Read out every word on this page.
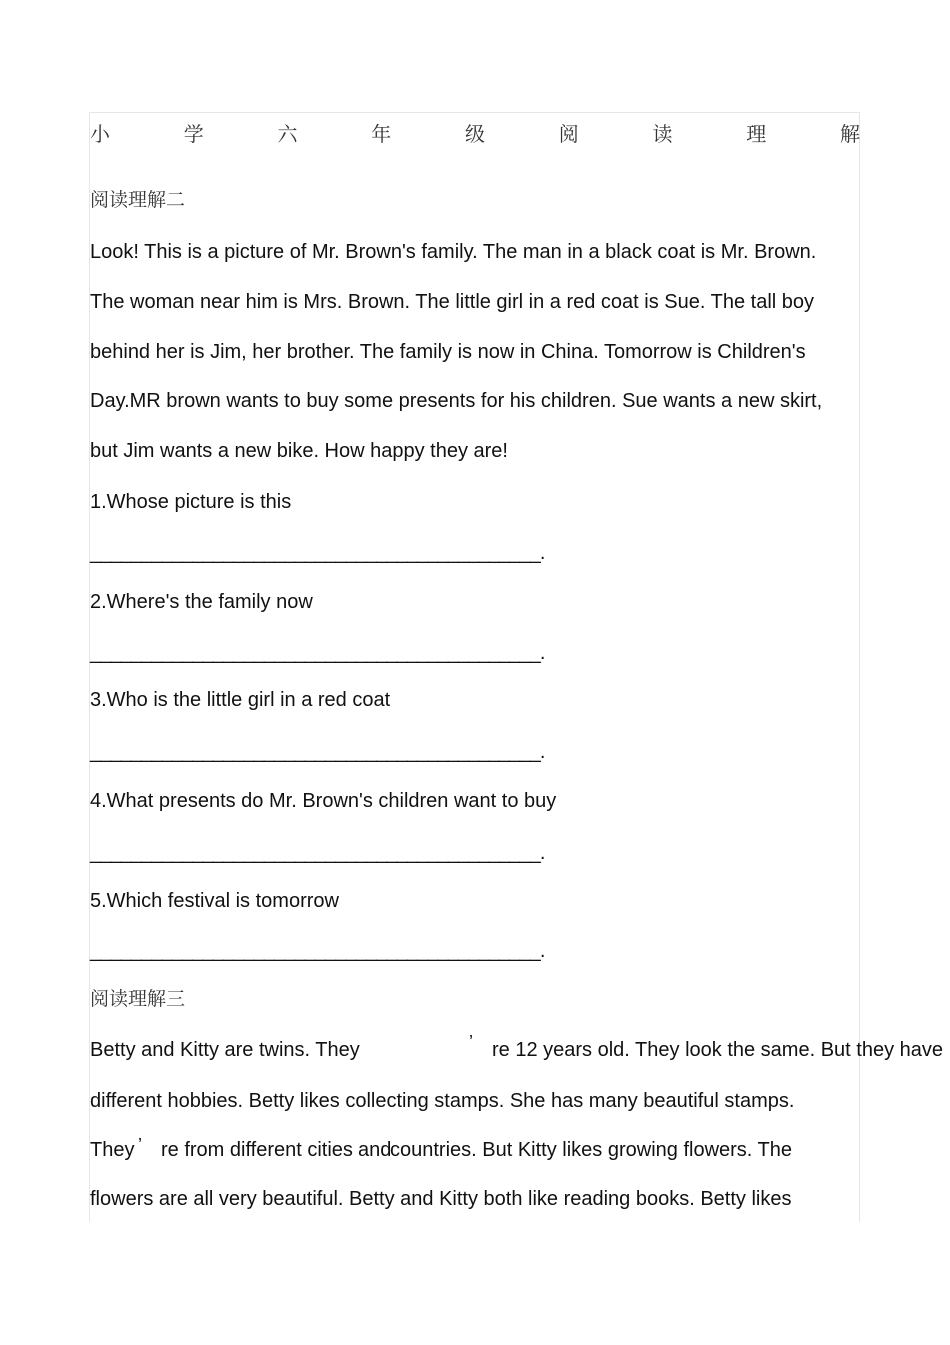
小	学	六	年	级	阅	读	理	解
阅读理解二
Look! This is a picture of Mr. Brown's family. The man in a black coat is Mr. Brown.
The woman near him is Mrs. Brown. The little girl in a red coat is Sue. The tall boy
behind her is Jim, her brother. The family is now in China. Tomorrow is Children's
Day.MR brown wants to buy some presents for his children. Sue wants a new skirt,
but Jim wants a new bike. How happy they are!
1.Whose picture is this
____________________________________________.
2.Where's the family now
____________________________________________.
3.Who is the little girl in a red coat
____________________________________________.
4.What presents do Mr. Brown's children want to buy
____________________________________________.
5.Which festival is tomorrow
____________________________________________.
阅读理解三
Betty and Kitty are twins. They	’ re 12 years old. They look the same. But they have
different hobbies. Betty likes collecting stamps. She has many beautiful stamps.
They ’ re from different cities and
countries. But Kitty likes growing flowers. The
flowers are all very beautiful. Betty and Kitty both like reading books. Betty likes
